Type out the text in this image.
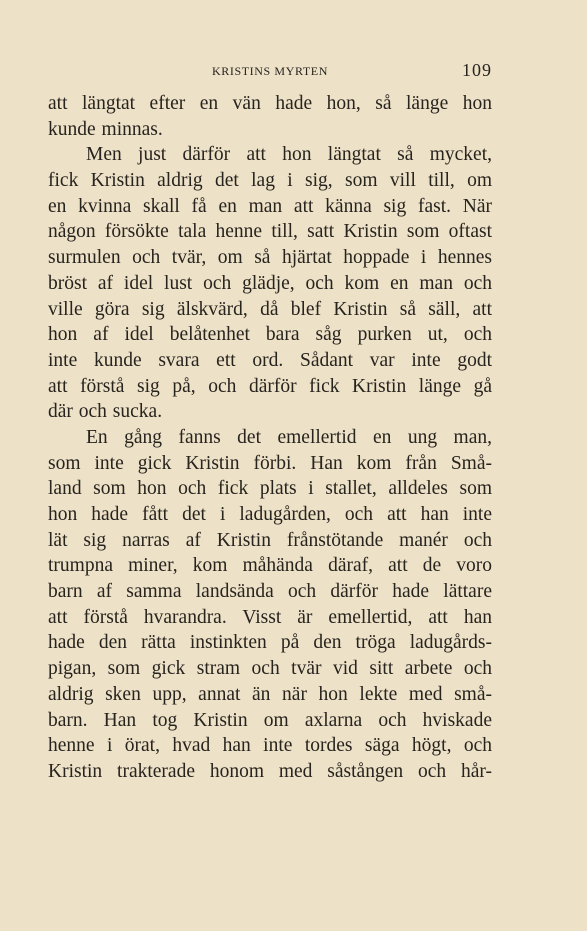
KRISTINS MYRTEN	109
att längtat efter en vän hade hon, så länge hon
kunde minnas.
Men just därför att hon längtat så mycket,
fick Kristin aldrig det lag i sig, som vill till, om
en kvinna skall få en man att känna sig fast. När
någon försökte tala henne till, satt Kristin som oftast
surmulen och tvär, om så hjärtat hoppade i hennes
bröst af idel lust och glädje, och kom en man och
ville göra sig älskvärd, då blef Kristin så säll, att
hon af idel belåtenhet bara såg purken ut, och
inte kunde svara ett ord. Sådant var inte godt
att förstå sig på, och därför fick Kristin länge gå
där och sucka.
En gång fanns det emellertid en ung man,
som inte gick Kristin förbi. Han kom från Små-
land som hon och fick plats i stallet, alldeles som
hon hade fått det i ladugården, och att han inte
lät sig narras af Kristin frånstötande manér och
trumpna miner, kom måhända däraf, att de voro
barn af samma landsända och därför hade lättare
att förstå hvarandra. Visst är emellertid, att han
hade den rätta instinkten på den tröga ladugårds-
pigan, som gick stram och tvär vid sitt arbete och
aldrig sken upp, annat än när hon lekte med små-
barn. Han tog Kristin om axlarna och hviskade
henne i örat, hvad han inte tordes säga högt, och
Kristin trakterade honom med såstången och hår-
